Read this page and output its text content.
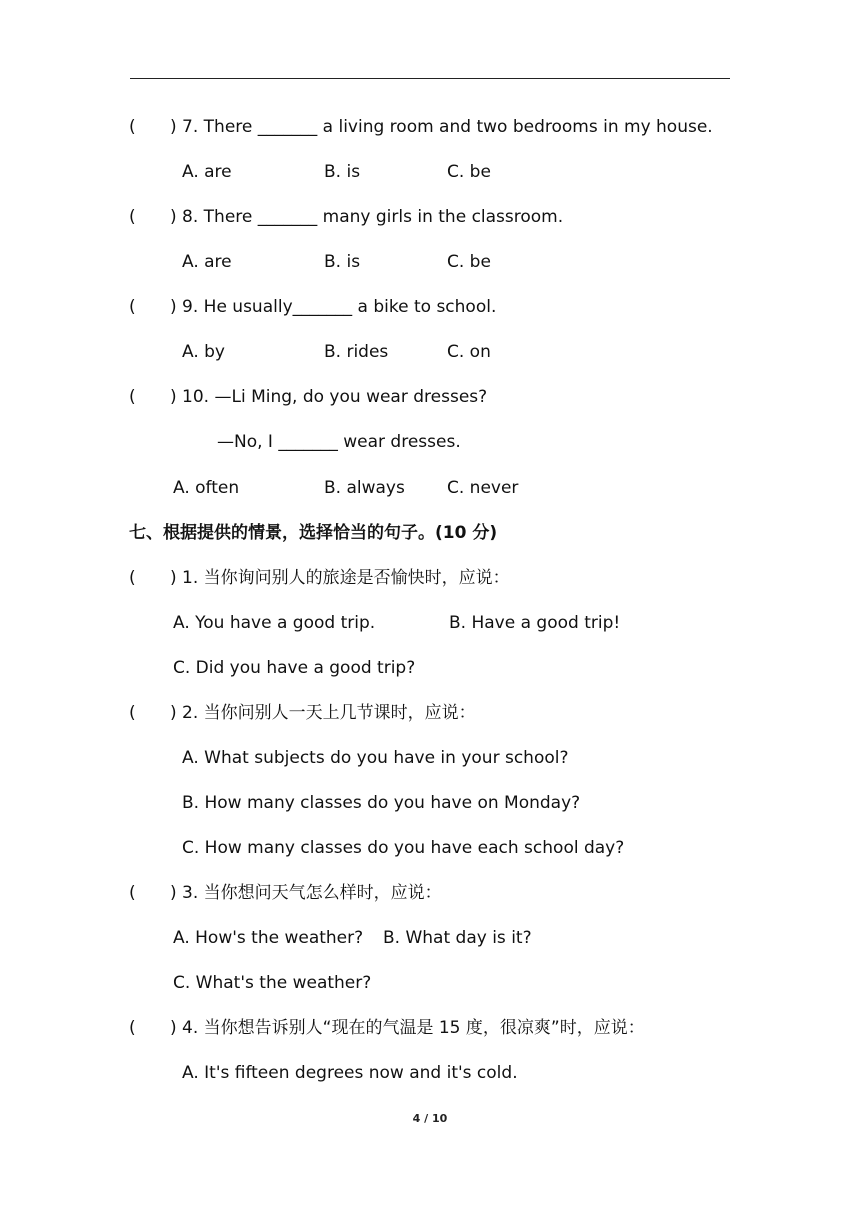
( ) 7. There _______ a living room and two bedrooms in my house.
A. are	B. is	C. be
( ) 8. There _______ many girls in the classroom.
A. are	B. is	C. be
( ) 9. He usually_______ a bike to school.
A. by	B. rides	C. on
( ) 10. —Li Ming, do you wear dresses?
—No, I _______ wear dresses.
A. often	B. always C. never
七、根据提供的情景，选择恰当的句子。(10 分)
( ) 1. 当你询问别人的旅途是否愉快时，应说：
A. You have a good trip.	B. Have a good trip!
C. Did you have a good trip?
( ) 2. 当你问别人一天上几节课时，应说：
A. What subjects do you have in your school?
B. How many classes do you have on Monday?
C. How many classes do you have each school day?
( ) 3. 当你想问天气怎么样时，应说：
A. How's the weather? B. What day is it?
C. What's the weather?
( ) 4. 当你想告诉别人“现在的气温是 15 度，很凉爽”时，应说：
A. It's fifteen degrees now and it's cold.
4 / 10
